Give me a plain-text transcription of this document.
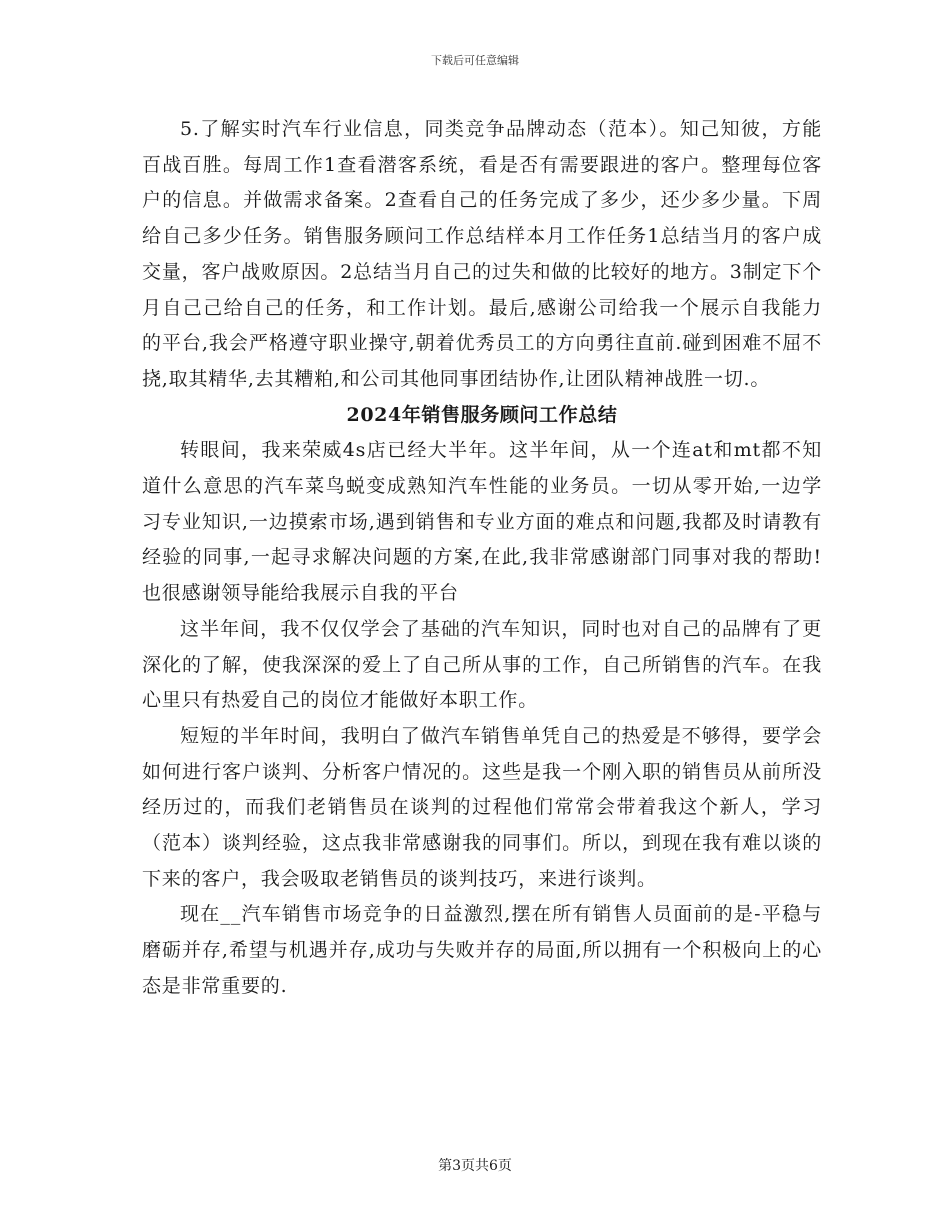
下载后可任意编辑

5.了解实时汽车行业信息，同类竞争品牌动态（范本）。知己知彼，方能百战百胜。每周工作1查看潜客系统，看是否有需要跟进的客户。整理每位客户的信息。并做需求备案。2查看自己的任务完成了多少，还少多少量。下周给自己多少任务。销售服务顾问工作总结样本月工作任务1总结当月的客户成交量，客户战败原因。2总结当月自己的过失和做的比较好的地方。3制定下个月自己己给自己的任务，和工作计划。最后,感谢公司给我一个展示自我能力的平台,我会严格遵守职业操守,朝着优秀员工的方向勇往直前.碰到困难不屈不挠,取其精华,去其糟粕,和公司其他同事团结协作,让团队精神战胜一切.。

2024年销售服务顾问工作总结

转眼间，我来荣威4s店已经大半年。这半年间，从一个连at和mt都不知道什么意思的汽车菜鸟蜕变成熟知汽车性能的业务员。一切从零开始,一边学习专业知识,一边摸索市场,遇到销售和专业方面的难点和问题,我都及时请教有经验的同事,一起寻求解决问题的方案,在此,我非常感谢部门同事对我的帮助!也很感谢领导能给我展示自我的平台

这半年间，我不仅仅学会了基础的汽车知识，同时也对自己的品牌有了更深化的了解，使我深深的爱上了自己所从事的工作，自己所销售的汽车。在我心里只有热爱自己的岗位才能做好本职工作。

短短的半年时间，我明白了做汽车销售单凭自己的热爱是不够得，要学会如何进行客户谈判、分析客户情况的。这些是我一个刚入职的销售员从前所没经历过的，而我们老销售员在谈判的过程他们常常会带着我这个新人，学习（范本）谈判经验，这点我非常感谢我的同事们。所以，到现在我有难以谈的下来的客户，我会吸取老销售员的谈判技巧，来进行谈判。

现在__汽车销售市场竞争的日益激烈,摆在所有销售人员面前的是-平稳与磨砺并存,希望与机遇并存,成功与失败并存的局面,所以拥有一个积极向上的心态是非常重要的.

第3页共6页
